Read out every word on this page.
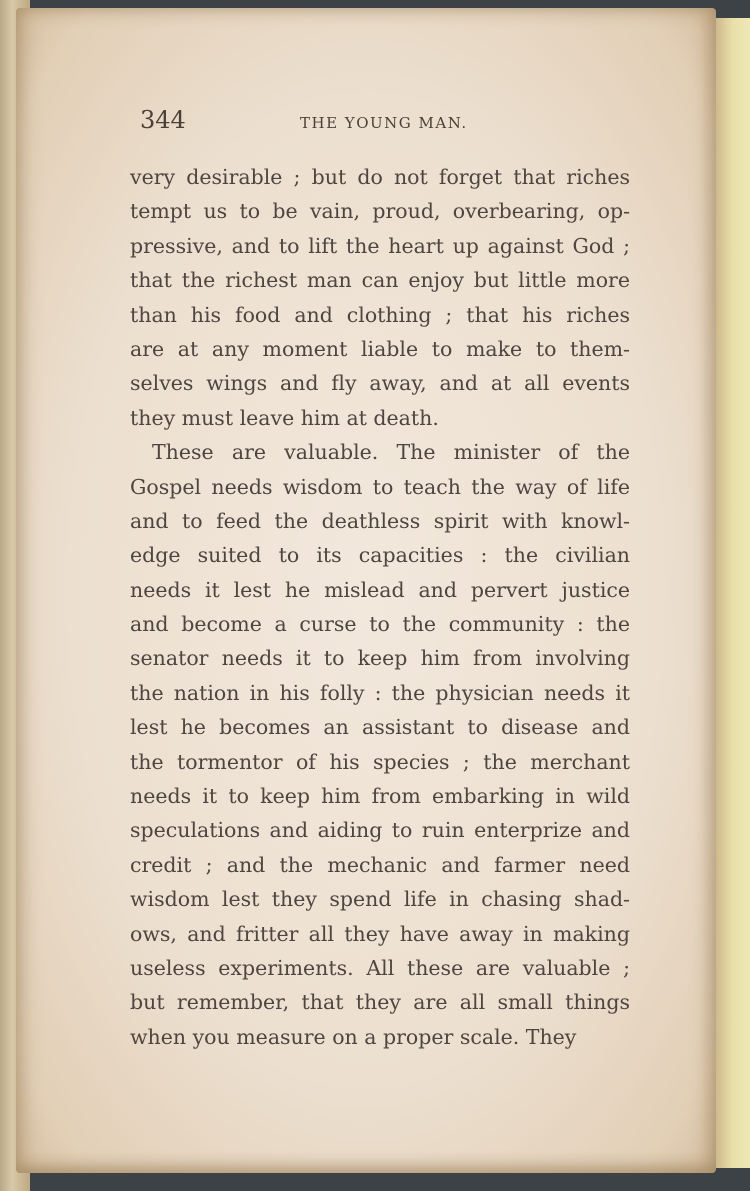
344	THE YOUNG MAN.
very desirable ; but do not forget that riches
tempt us to be vain, proud, overbearing, op-
pressive, and to lift the heart up against God ;
that the richest man can enjoy but little more
than his food and clothing ; that his riches
are at any moment liable to make to them-
selves wings and fly away, and at all events
they must leave him at death.
These are valuable. The minister of the
Gospel needs wisdom to teach the way of life
and to feed the deathless spirit with knowl-
edge suited to its capacities : the civilian
needs it lest he mislead and pervert justice
and become a curse to the community : the
senator needs it to keep him from involving
the nation in his folly : the physician needs it
lest he becomes an assistant to disease and
the tormentor of his species ; the merchant
needs it to keep him from embarking in wild
speculations and aiding to ruin enterprize and
credit ; and the mechanic and farmer need
wisdom lest they spend life in chasing shad-
ows, and fritter all they have away in making
useless experiments. All these are valuable ;
but remember, that they are all small things
when you measure on a proper scale. They
